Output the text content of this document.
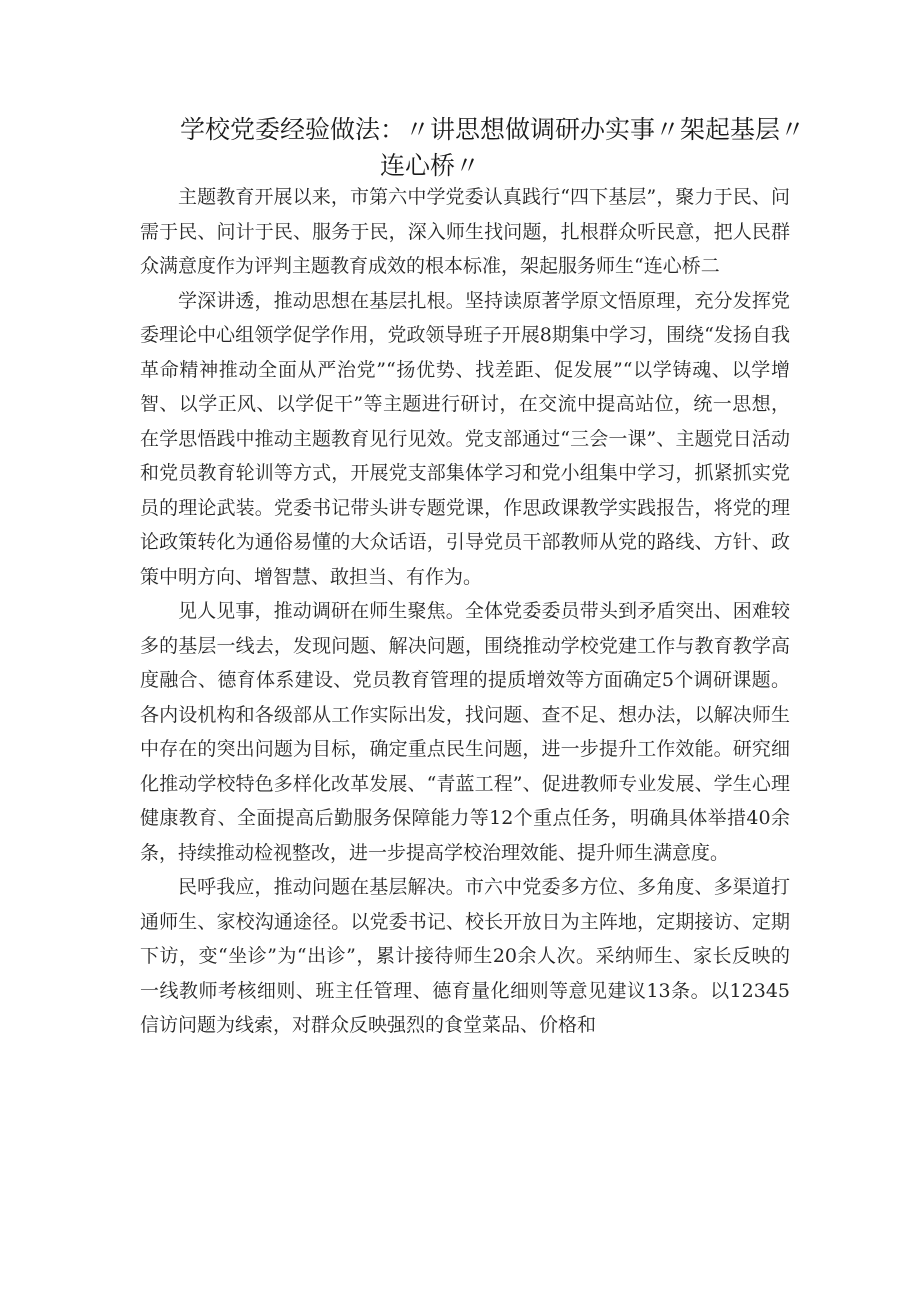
学校党委经验做法：〃讲思想做调研办实事〃架起基层〃
连心桥〃

主题教育开展以来，市第六中学党委认真践行“四下基层”，聚力于民、问需于民、问计于民、服务于民，深入师生找问题，扎根群众听民意，把人民群众满意度作为评判主题教育成效的根本标准，架起服务师生“连心桥二

学深讲透，推动思想在基层扎根。坚持读原著学原文悟原理，充分发挥党委理论中心组领学促学作用，党政领导班子开展8期集中学习，围绕“发扬自我革命精神推动全面从严治党”“扬优势、找差距、促发展”“以学铸魂、以学增智、以学正风、以学促干”等主题进行研讨，在交流中提高站位，统一思想，在学思悟践中推动主题教育见行见效。党支部通过“三会一课”、主题党日活动和党员教育轮训等方式，开展党支部集体学习和党小组集中学习，抓紧抓实党员的理论武装。党委书记带头讲专题党课，作思政课教学实践报告，将党的理论政策转化为通俗易懂的大众话语，引导党员干部教师从党的路线、方针、政策中明方向、增智慧、敢担当、有作为。

见人见事，推动调研在师生聚焦。全体党委委员带头到矛盾突出、困难较多的基层一线去，发现问题、解决问题，围绕推动学校党建工作与教育教学高度融合、德育体系建设、党员教育管理的提质增效等方面确定5个调研课题。各内设机构和各级部从工作实际出发，找问题、查不足、想办法，以解决师生中存在的突出问题为目标，确定重点民生问题，进一步提升工作效能。研究细化推动学校特色多样化改革发展、“青蓝工程”、促进教师专业发展、学生心理健康教育、全面提高后勤服务保障能力等12个重点任务，明确具体举措40余条，持续推动检视整改，进一步提高学校治理效能、提升师生满意度。

民呼我应，推动问题在基层解决。市六中党委多方位、多角度、多渠道打通师生、家校沟通途径。以党委书记、校长开放日为主阵地，定期接访、定期下访，变“坐诊”为“出诊”，累计接待师生20余人次。采纳师生、家长反映的一线教师考核细则、班主任管理、德育量化细则等意见建议13条。以12345信访问题为线索，对群众反映强烈的食堂菜品、价格和
